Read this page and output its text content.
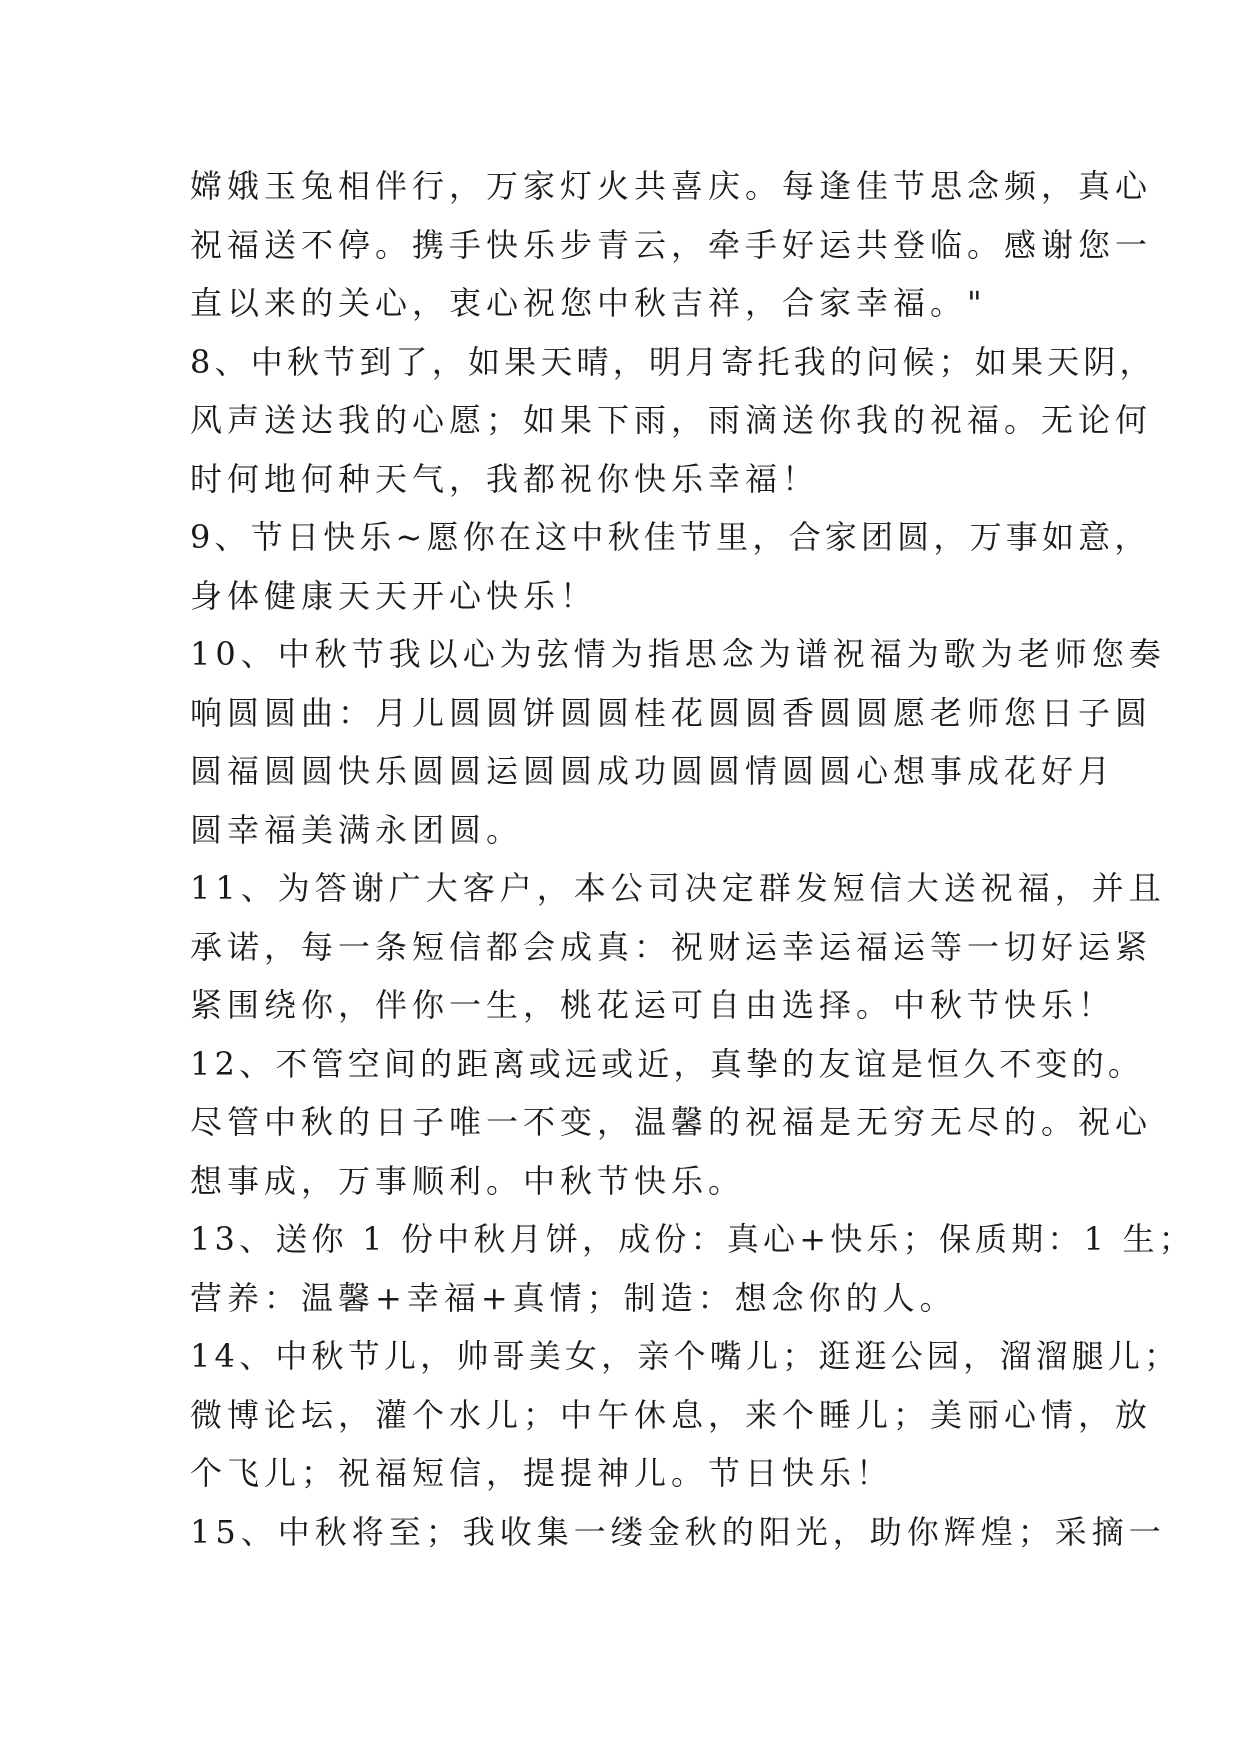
嫦娥玉兔相伴行，万家灯火共喜庆。每逢佳节思念频，真心
祝福送不停。携手快乐步青云，牵手好运共登临。感谢您一
直以来的关心，衷心祝您中秋吉祥，合家幸福。"
8、中秋节到了，如果天晴，明月寄托我的问候；如果天阴，
风声送达我的心愿；如果下雨，雨滴送你我的祝福。无论何
时何地何种天气，我都祝你快乐幸福！
9、节日快乐~愿你在这中秋佳节里，合家团圆，万事如意，
身体健康天天开心快乐！
10、中秋节我以心为弦情为指思念为谱祝福为歌为老师您奏
响圆圆曲：月儿圆圆饼圆圆桂花圆圆香圆圆愿老师您日子圆
圆福圆圆快乐圆圆运圆圆成功圆圆情圆圆心想事成花好月
圆幸福美满永团圆。
11、为答谢广大客户，本公司决定群发短信大送祝福，并且
承诺，每一条短信都会成真：祝财运幸运福运等一切好运紧
紧围绕你，伴你一生，桃花运可自由选择。中秋节快乐！
12、不管空间的距离或远或近，真挚的友谊是恒久不变的。
尽管中秋的日子唯一不变，温馨的祝福是无穷无尽的。祝心
想事成，万事顺利。中秋节快乐。
13、送你 1 份中秋月饼，成份：真心+快乐；保质期：1 生；
营养：温馨+幸福+真情；制造：想念你的人。
14、中秋节儿，帅哥美女，亲个嘴儿；逛逛公园，溜溜腿儿；
微博论坛，灌个水儿；中午休息，来个睡儿；美丽心情，放
个飞儿；祝福短信，提提神儿。节日快乐！
15、中秋将至；我收集一缕金秋的阳光，助你辉煌；采摘一
